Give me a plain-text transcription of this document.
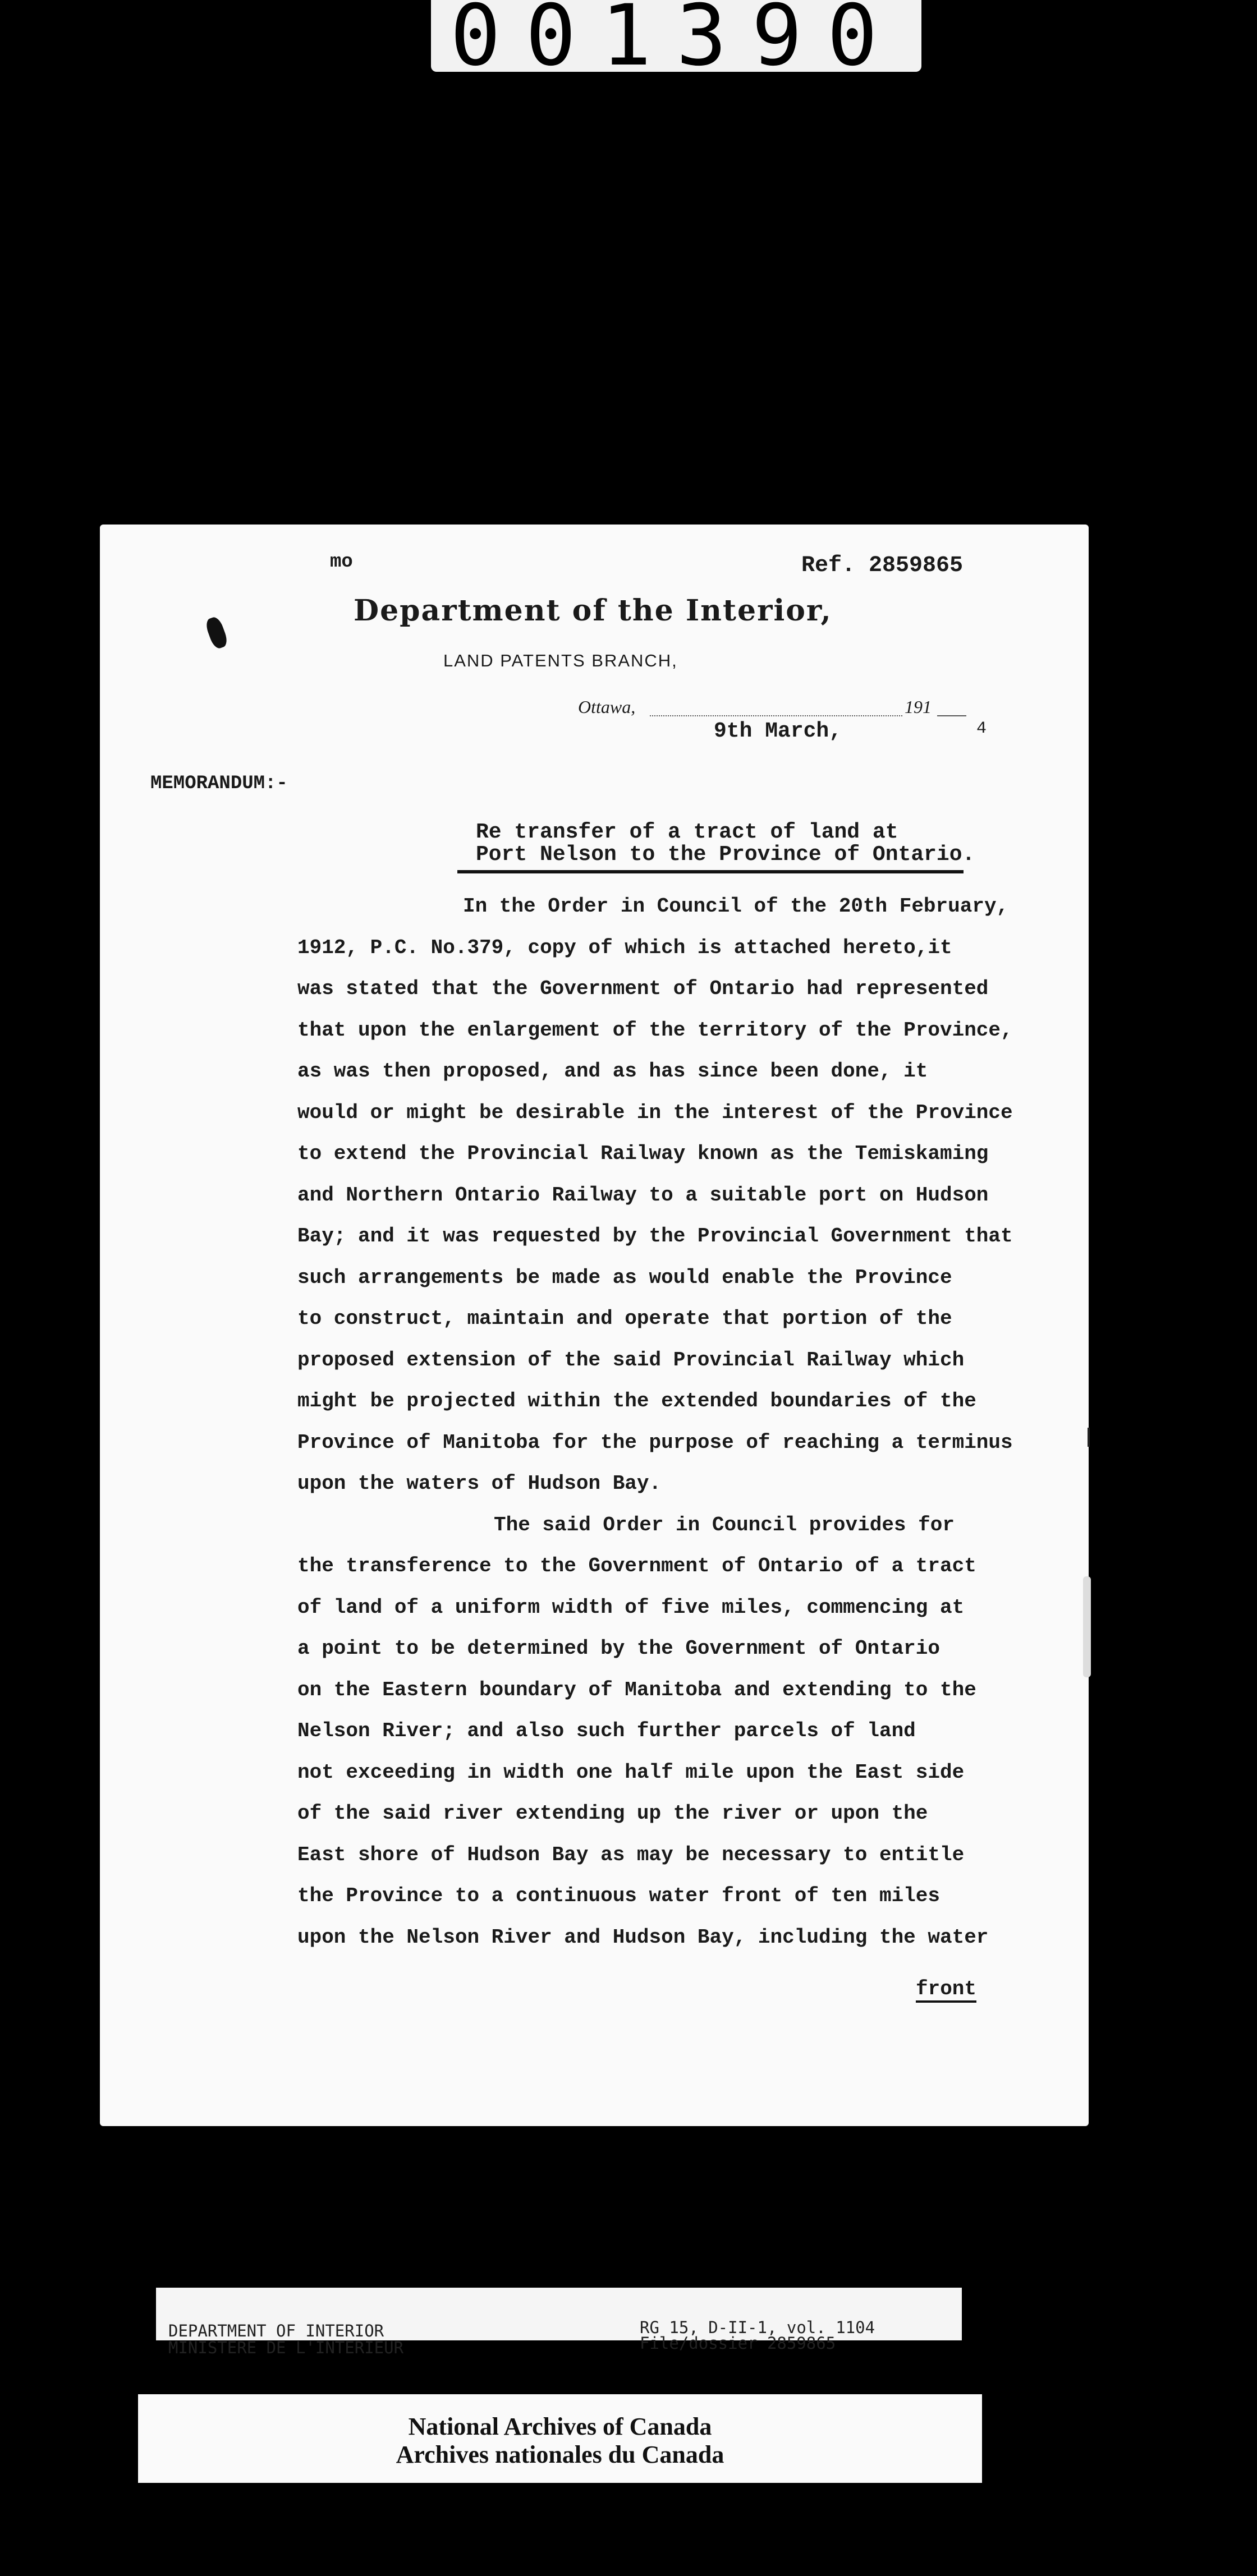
001390
mo	Ref. 2859865
Department of the Interior,
LAND PATENTS BRANCH,
Ottawa,	191
4
9th March,
MEMORANDUM:-
Re transfer of a tract of land at
Port Nelson to the Province of Ontario.
In the Order in Council of the 20th February,
1912, P.C. No.379, copy of which is attached hereto,it
was stated that the Government of Ontario had represented
that upon the enlargement of the territory of the Province,
as was then proposed, and as has since been done, it
would or might be desirable in the interest of the Province
to extend the Provincial Railway known as the Temiskaming
and Northern Ontario Railway to a suitable port on Hudson
Bay; and it was requested by the Provincial Government that
such arrangements be made as would enable the Province
to construct, maintain and operate that portion of the
proposed extension of the said Provincial Railway which
might be projected within the extended boundaries of the
Province of Manitoba for the purpose of reaching a terminus
upon the waters of Hudson Bay.
The said Order in Council provides for
the transference to the Government of Ontario of a tract
of land of a uniform width of five miles, commencing at
a point to be determined by the Government of Ontario
on the Eastern boundary of Manitoba and extending to the
Nelson River; and also such further parcels of land
not exceeding in width one half mile upon the East side
of the said river extending up the river or upon the
East shore of Hudson Bay as may be necessary to entitle
the Province to a continuous water front of ten miles
upon the Nelson River and Hudson Bay, including the water
front
DEPARTMENT OF INTERIOR
MINISTERE DE L'INTERIEUR
RG 15, D-II-1, vol. 1104
File/dossier 2859865
National Archives of Canada
Archives nationales du Canada
